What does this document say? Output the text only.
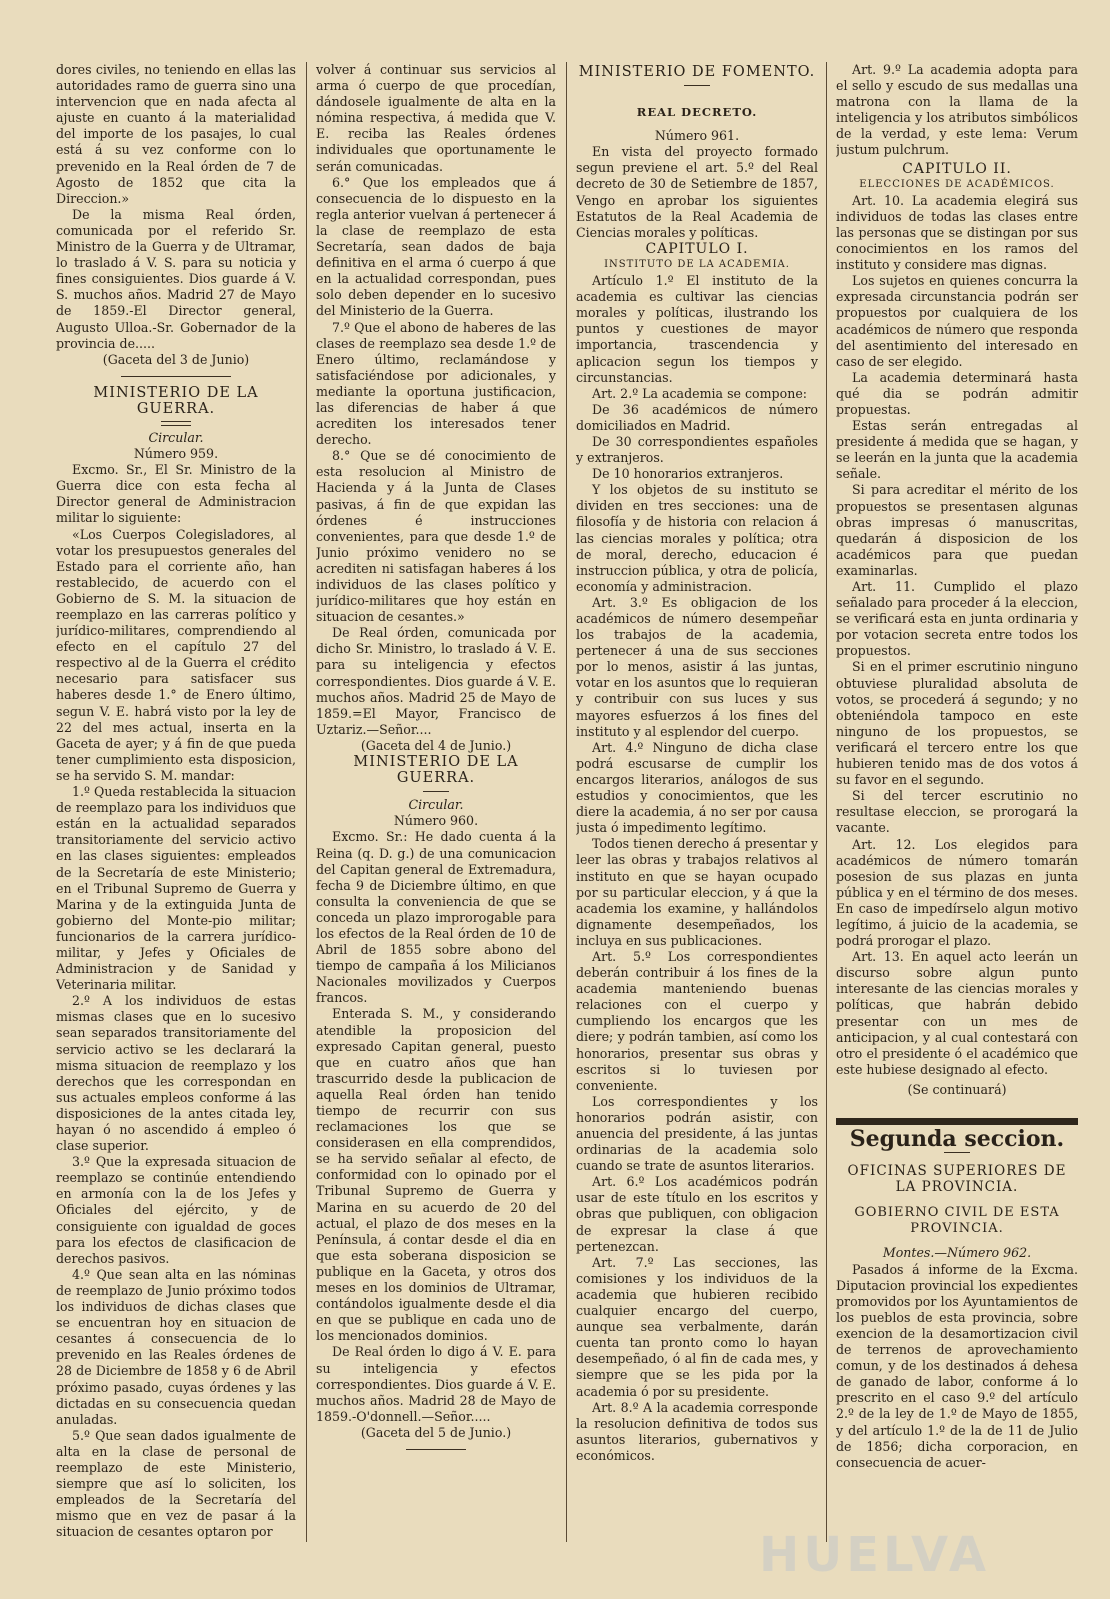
dores civiles, no teniendo en ellas las autoridades ramo de guerra sino una intervencion que en nada afecta al ajuste en cuanto á la materialidad del importe de los pasajes, lo cual está á su vez conforme con lo prevenido en la Real órden de 7 de Agosto de 1852 que cita la Direccion.»

De la misma Real órden, comunicada por el referido Sr. Ministro de la Guerra y de Ultramar, lo traslado á V. S. para su noticia y fines consiguientes. Dios guarde á V. S. muchos años. Madrid 27 de Mayo de 1859.-El Director general, Augusto Ulloa.-Sr. Gobernador de la provincia de.....

(Gaceta del 3 de Junio)

MINISTERIO DE LA GUERRA.

Circular.

Número 959.

Excmo. Sr., El Sr. Ministro de la Guerra dice con esta fecha al Director general de Administracion militar lo siguiente:

«Los Cuerpos Colegisladores, al votar los presupuestos generales del Estado para el corriente año, han restablecido, de acuerdo con el Gobierno de S. M. la situacion de reemplazo en las carreras político y jurídico-militares, comprendiendo al efecto en el capítulo 27 del respectivo al de la Guerra el crédito necesario para satisfacer sus haberes desde 1.° de Enero último, segun V. E. habrá visto por la ley de 22 del mes actual, inserta en la Gaceta de ayer; y á fin de que pueda tener cumplimiento esta disposicion, se ha servido S. M. mandar:

1.º Queda restablecida la situacion de reemplazo para los individuos que están en la actualidad separados transitoriamente del servicio activo en las clases siguientes: empleados de la Secretaría de este Ministerio; en el Tribunal Supremo de Guerra y Marina y de la extinguida Junta de gobierno del Monte-pio militar; funcionarios de la carrera jurídico-militar, y Jefes y Oficiales de Administracion y de Sanidad y Veterinaria militar.

2.º A los individuos de estas mismas clases que en lo sucesivo sean separados transitoriamente del servicio activo se les declarará la misma situacion de reemplazo y los derechos que les correspondan en sus actuales empleos conforme á las disposiciones de la antes citada ley, hayan ó no ascendido á empleo ó clase superior.

3.º Que la expresada situacion de reemplazo se continúe entendiendo en armonía con la de los Jefes y Oficiales del ejército, y de consiguiente con igualdad de goces para los efectos de clasificacion de derechos pasivos.

4.º Que sean alta en las nóminas de reemplazo de Junio próximo todos los individuos de dichas clases que se encuentran hoy en situacion de cesantes á consecuencia de lo prevenido en las Reales órdenes de 28 de Diciembre de 1858 y 6 de Abril próximo pasado, cuyas órdenes y las dictadas en su consecuencia quedan anuladas.

5.º Que sean dados igualmente de alta en la clase de personal de reemplazo de este Ministerio, siempre que así lo soliciten, los empleados de la Secretaría del mismo que en vez de pasar á la situacion de cesantes optaron por

volver á continuar sus servicios al arma ó cuerpo de que procedían, dándosele igualmente de alta en la nómina respectiva, á medida que V. E. reciba las Reales órdenes individuales que oportunamente le serán comunicadas.

6.° Que los empleados que á consecuencia de lo dispuesto en la regla anterior vuelvan á pertenecer á la clase de reemplazo de esta Secretaría, sean dados de baja definitiva en el arma ó cuerpo á que en la actualidad correspondan, pues solo deben depender en lo sucesivo del Ministerio de la Guerra.

7.º Que el abono de haberes de las clases de reemplazo sea desde 1.º de Enero último, reclamándose y satisfaciéndose por adicionales, y mediante la oportuna justificacion, las diferencias de haber á que acrediten los interesados tener derecho.

8.° Que se dé conocimiento de esta resolucion al Ministro de Hacienda y á la Junta de Clases pasivas, á fin de que expidan las órdenes é instrucciones convenientes, para que desde 1.º de Junio próximo venidero no se acrediten ni satisfagan haberes á los individuos de las clases político y jurídico-militares que hoy están en situacion de cesantes.»

De Real órden, comunicada por dicho Sr. Ministro, lo traslado á V. E. para su inteligencia y efectos correspondientes. Dios guarde á V. E. muchos años. Madrid 25 de Mayo de 1859.=El Mayor, Francisco de Uztariz.—Señor....

(Gaceta del 4 de Junio.)

MINISTERIO DE LA GUERRA.

Circular.

Número 960.

Excmo. Sr.: He dado cuenta á la Reina (q. D. g.) de una comunicacion del Capitan general de Extremadura, fecha 9 de Diciembre último, en que consulta la conveniencia de que se conceda un plazo improrogable para los efectos de la Real órden de 10 de Abril de 1855 sobre abono del tiempo de campaña á los Milicianos Nacionales movilizados y Cuerpos francos.

Enterada S. M., y considerando atendible la proposicion del expresado Capitan general, puesto que en cuatro años que han trascurrido desde la publicacion de aquella Real órden han tenido tiempo de recurrir con sus reclamaciones los que se considerasen en ella comprendidos, se ha servido señalar al efecto, de conformidad con lo opinado por el Tribunal Supremo de Guerra y Marina en su acuerdo de 20 del actual, el plazo de dos meses en la Península, á contar desde el dia en que esta soberana disposicion se publique en la Gaceta, y otros dos meses en los dominios de Ultramar, contándolos igualmente desde el dia en que se publique en cada uno de los mencionados dominios.

De Real órden lo digo á V. E. para su inteligencia y efectos correspondientes. Dios guarde á V. E. muchos años. Madrid 28 de Mayo de 1859.-O'donnell.—Señor.....

(Gaceta del 5 de Junio.)

MINISTERIO DE FOMENTO.

REAL DECRETO.

Número 961.

En vista del proyecto formado segun previene el art. 5.º del Real decreto de 30 de Setiembre de 1857, Vengo en aprobar los siguientes Estatutos de la Real Academia de Ciencias morales y políticas.

CAPITULO I.

INSTITUTO DE LA ACADEMIA.

Artículo 1.º El instituto de la academia es cultivar las ciencias morales y políticas, ilustrando los puntos y cuestiones de mayor importancia, trascendencia y aplicacion segun los tiempos y circunstancias.

Art. 2.º La academia se compone:

De 36 académicos de número domiciliados en Madrid.

De 30 correspondientes españoles y extranjeros.

De 10 honorarios extranjeros.

Y los objetos de su instituto se dividen en tres secciones: una de filosofía y de historia con relacion á las ciencias morales y política; otra de moral, derecho, educacion é instruccion pública, y otra de policía, economía y administracion.

Art. 3.º Es obligacion de los académicos de número desempeñar los trabajos de la academia, pertenecer á una de sus secciones por lo menos, asistir á las juntas, votar en los asuntos que lo requieran y contribuir con sus luces y sus mayores esfuerzos á los fines del instituto y al esplendor del cuerpo.

Art. 4.º Ninguno de dicha clase podrá escusarse de cumplir los encargos literarios, análogos de sus estudios y conocimientos, que les diere la academia, á no ser por causa justa ó impedimento legítimo.

Todos tienen derecho á presentar y leer las obras y trabajos relativos al instituto en que se hayan ocupado por su particular eleccion, y á que la academia los examine, y hallándolos dignamente desempeñados, los incluya en sus publicaciones.

Art. 5.º Los correspondientes deberán contribuir á los fines de la academia manteniendo buenas relaciones con el cuerpo y cumpliendo los encargos que les diere; y podrán tambien, así como los honorarios, presentar sus obras y escritos si lo tuviesen por conveniente.

Los correspondientes y los honorarios podrán asistir, con anuencia del presidente, á las juntas ordinarias de la academia solo cuando se trate de asuntos literarios.

Art. 6.º Los académicos podrán usar de este título en los escritos y obras que publiquen, con obligacion de expresar la clase á que pertenezcan.

Art. 7.º Las secciones, las comisiones y los individuos de la academia que hubieren recibido cualquier encargo del cuerpo, aunque sea verbalmente, darán cuenta tan pronto como lo hayan desempeñado, ó al fin de cada mes, y siempre que se les pida por la academia ó por su presidente.

Art. 8.º A la academia corresponde la resolucion definitiva de todos sus asuntos literarios, gubernativos y económicos.

Art. 9.º La academia adopta para el sello y escudo de sus medallas una matrona con la llama de la inteligencia y los atributos simbólicos de la verdad, y este lema: Verum justum pulchrum.

CAPITULO II.

ELECCIONES DE ACADÉMICOS.

Art. 10. La academia elegirá sus individuos de todas las clases entre las personas que se distingan por sus conocimientos en los ramos del instituto y considere mas dignas.

Los sujetos en quienes concurra la expresada circunstancia podrán ser propuestos por cualquiera de los académicos de número que responda del asentimiento del interesado en caso de ser elegido.

La academia determinará hasta qué dia se podrán admitir propuestas.

Estas serán entregadas al presidente á medida que se hagan, y se leerán en la junta que la academia señale.

Si para acreditar el mérito de los propuestos se presentasen algunas obras impresas ó manuscritas, quedarán á disposicion de los académicos para que puedan examinarlas.

Art. 11. Cumplido el plazo señalado para proceder á la eleccion, se verificará esta en junta ordinaria y por votacion secreta entre todos los propuestos.

Si en el primer escrutinio ninguno obtuviese pluralidad absoluta de votos, se procederá á segundo; y no obteniéndola tampoco en este ninguno de los propuestos, se verificará el tercero entre los que hubieren tenido mas de dos votos á su favor en el segundo.

Si del tercer escrutinio no resultase eleccion, se prorogará la vacante.

Art. 12. Los elegidos para académicos de número tomarán posesion de sus plazas en junta pública y en el término de dos meses. En caso de impedírselo algun motivo legítimo, á juicio de la academia, se podrá prorogar el plazo.

Art. 13. En aquel acto leerán un discurso sobre algun punto interesante de las ciencias morales y políticas, que habrán debido presentar con un mes de anticipacion, y al cual contestará con otro el presidente ó el académico que este hubiese designado al efecto.

(Se continuará)

Segunda seccion.

OFICINAS SUPERIORES DE LA PROVINCIA.

GOBIERNO CIVIL DE ESTA PROVINCIA.

Montes.—Número 962.

Pasados á informe de la Excma. Diputacion provincial los expedientes promovidos por los Ayuntamientos de los pueblos de esta provincia, sobre exencion de la desamortizacion civil de terrenos de aprovechamiento comun, y de los destinados á dehesa de ganado de labor, conforme á lo prescrito en el caso 9.º del artículo 2.º de la ley de 1.º de Mayo de 1855, y del artículo 1.º de la de 11 de Julio de 1856; dicha corporacion, en consecuencia de acuer-

HUELVA
